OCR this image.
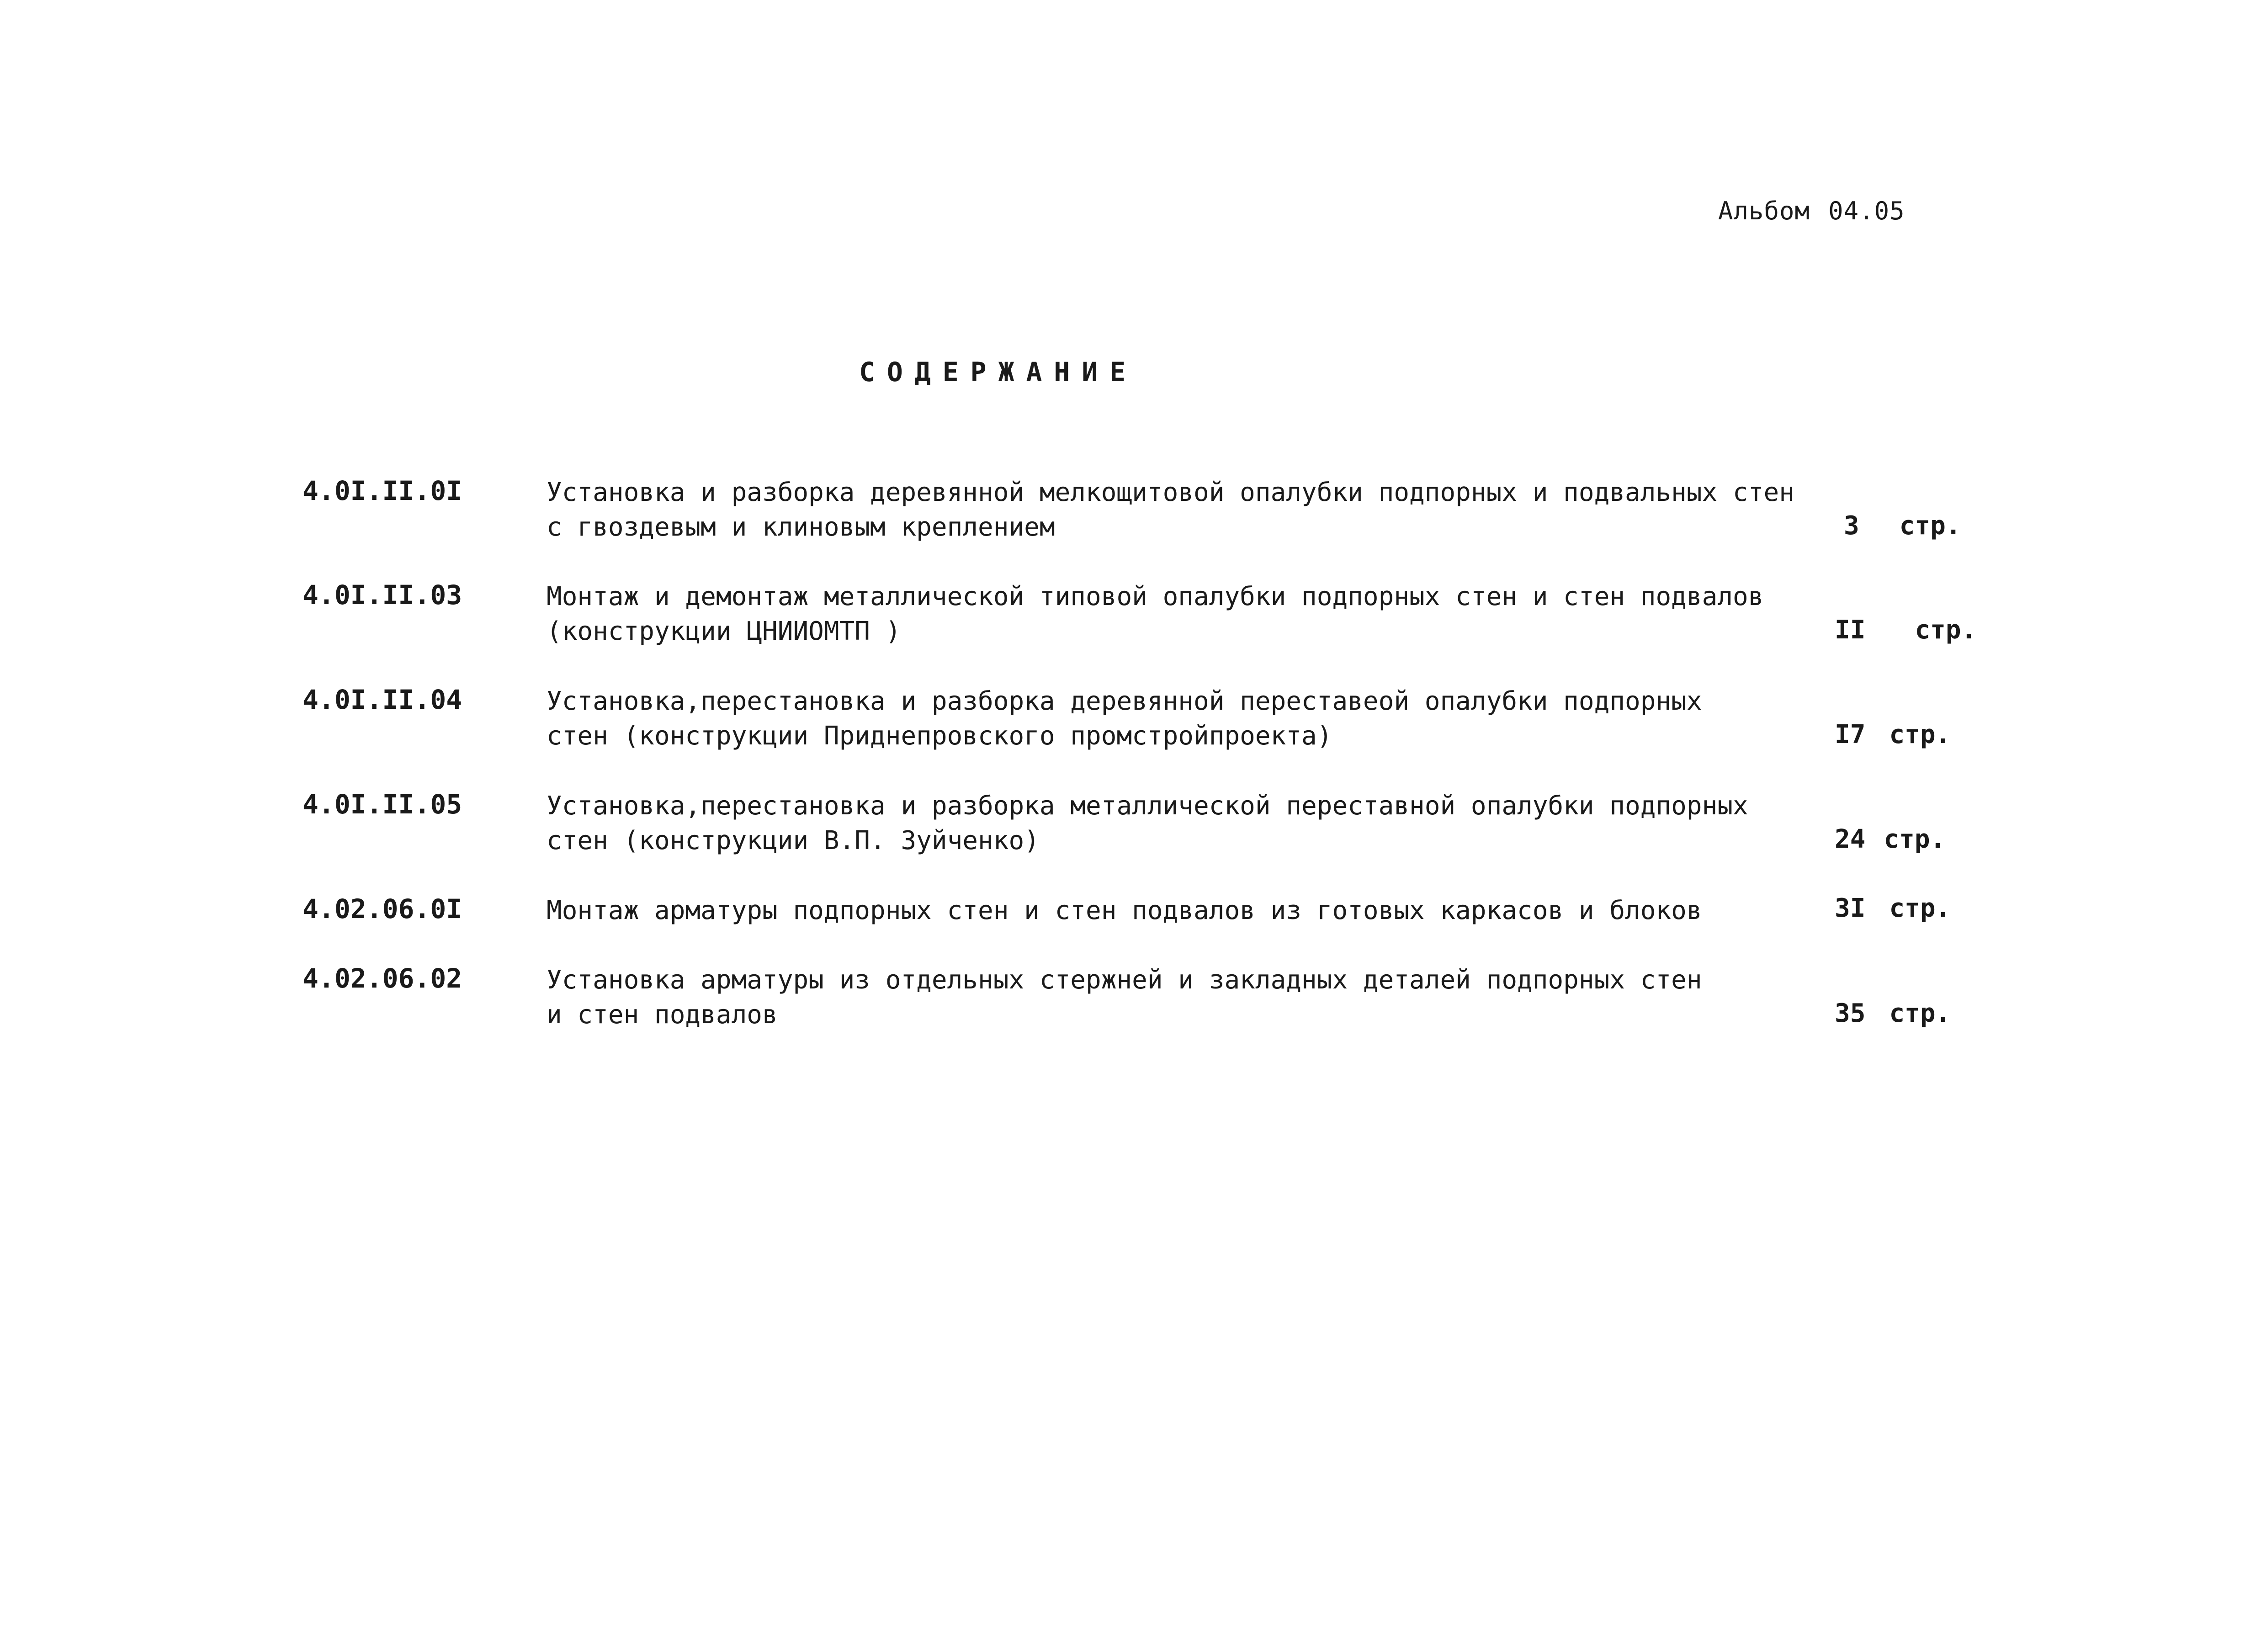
Альбом 04.05
СОДЕРЖАНИЕ
4.0I.II.0I	Установка и разборка деревянной мелкощитовой опалубки подпорных и подвальных стен
с гвоздевым и клиновым креплением	3 стр.
4.0I.II.03	Монтаж и демонтаж металлической типовой опалубки подпорных стен и стен подвалов
(конструкции ЦНИИОМТП )	II стр.
4.0I.II.04	Установка,перестановка и разборка деревянной переставеой опалубки подпорных
стен (конструкции Приднепровского промстройпроекта)	I7 стр.
4.0I.II.05	Установка,перестановка и разборка металлической переставной опалубки подпорных
стен (конструкции В.П. Зуйченко)	24 стр.
4.02.06.0I	Монтаж арматуры подпорных стен и стен подвалов из готовых каркасов и блоков	3I стр.
4.02.06.02	Установка арматуры из отдельных стержней и закладных деталей подпорных стен
и стен подвалов	35 стр.
